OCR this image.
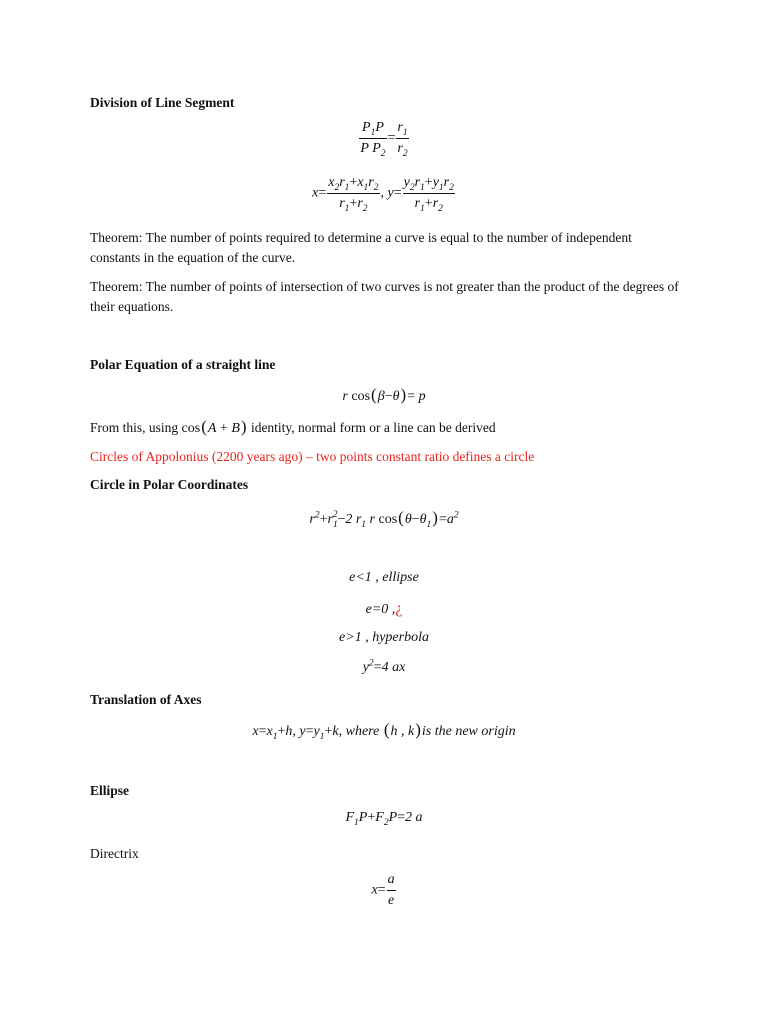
Division of Line Segment
$\frac{P_1P}{P P_2} = \frac{r_1}{r_2}$
$x= \frac{x_2r_1+x_1r_2}{r_1+r_2}$ , $y= \frac{y_2r_1+y_1r_2}{r_1+r_2}$
Theorem: The number of points required to determine a curve is equal to the number of independent constants in the equation of the curve.
Theorem: The number of points of intersection of two curves is not greater than the product of the degrees of their equations.
Polar Equation of a straight line
r cos(β−θ)= p
From this, using cos(A + B) identity, normal form or a line can be derived
Circles of Appolonius (2200 years ago) – two points constant ratio defines a circle
Circle in Polar Coordinates
$r^2+r_1^2-2$ $r_1$ r $\cos(\theta-\theta_1)=a^2$
e<1 , ellipse
e=0 ,¿
e>1 , hyperbola
$y^2=4$ ax
Translation of Axes
$x=x_1+h$, $y=y_1+k$, where (h , k)is the new origin
Ellipse
$F_1P+F_2P=2$ a
Directrix
$x= \frac{a}{e}$
